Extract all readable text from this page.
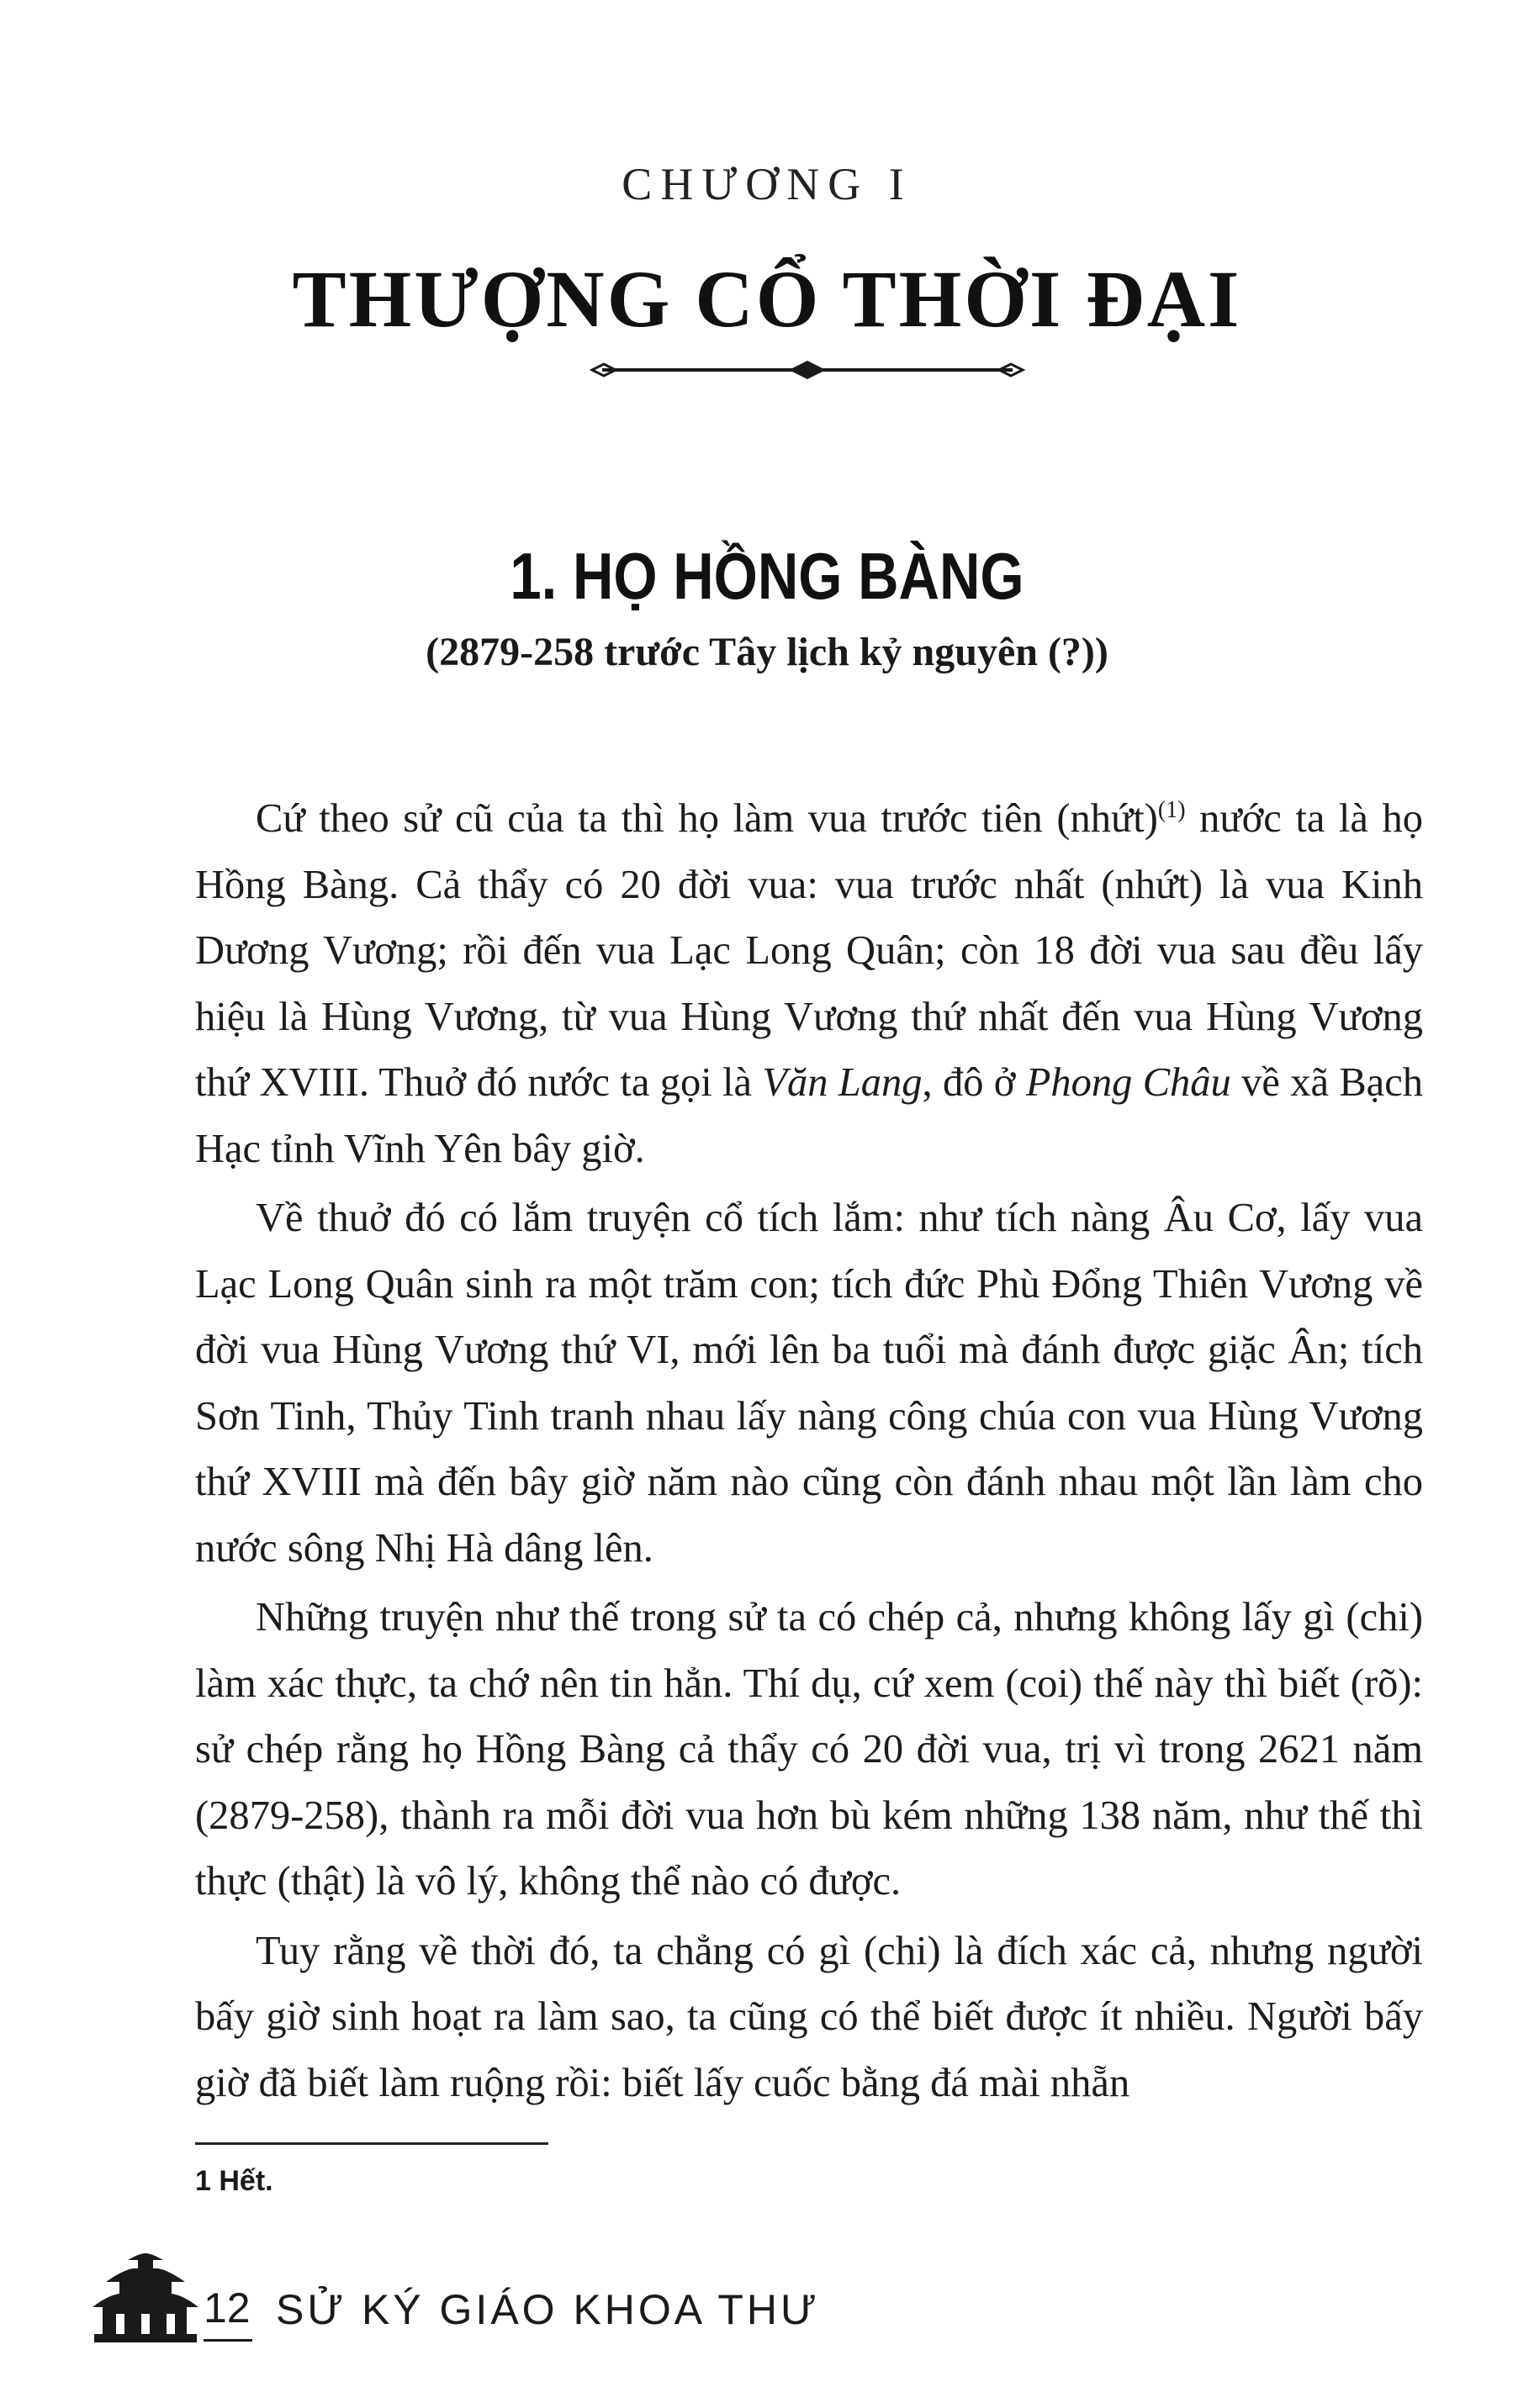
CHƯƠNG I
THƯỢNG CỔ THỜI ĐẠI
1. HỌ HỒNG BÀNG
(2879-258 trước Tây lịch kỷ nguyên (?))

Cứ theo sử cũ của ta thì họ làm vua trước tiên (nhứt)$^{(1)}$ nước ta là họ Hồng Bàng. Cả thẩy có 20 đời vua: vua trước nhất (nhứt) là vua Kinh Dương Vương; rồi đến vua Lạc Long Quân; còn 18 đời vua sau đều lấy hiệu là Hùng Vương, từ vua Hùng Vương thứ nhất đến vua Hùng Vương thứ XVIII. Thuở đó nước ta gọi là Văn Lang, đô ở Phong Châu về xã Bạch Hạc tỉnh Vĩnh Yên bây giờ.

Về thuở đó có lắm truyện cổ tích lắm: như tích nàng Âu Cơ, lấy vua Lạc Long Quân sinh ra một trăm con; tích đức Phù Đổng Thiên Vương về đời vua Hùng Vương thứ VI, mới lên ba tuổi mà đánh được giặc Ân; tích Sơn Tinh, Thủy Tinh tranh nhau lấy nàng công chúa con vua Hùng Vương thứ XVIII mà đến bây giờ năm nào cũng còn đánh nhau một lần làm cho nước sông Nhị Hà dâng lên.

Những truyện như thế trong sử ta có chép cả, nhưng không lấy gì (chi) làm xác thực, ta chớ nên tin hẳn. Thí dụ, cứ xem (coi) thế này thì biết (rõ): sử chép rằng họ Hồng Bàng cả thẩy có 20 đời vua, trị vì trong 2621 năm (2879-258), thành ra mỗi đời vua hơn bù kém những 138 năm, như thế thì thực (thật) là vô lý, không thể nào có được.

Tuy rằng về thời đó, ta chẳng có gì (chi) là đích xác cả, nhưng người bấy giờ sinh hoạt ra làm sao, ta cũng có thể biết được ít nhiều. Người bấy giờ đã biết làm ruộng rồi: biết lấy cuốc bằng đá mài nhẵn

1 Hết.
12 SỬ KÝ GIÁO KHOA THƯ
